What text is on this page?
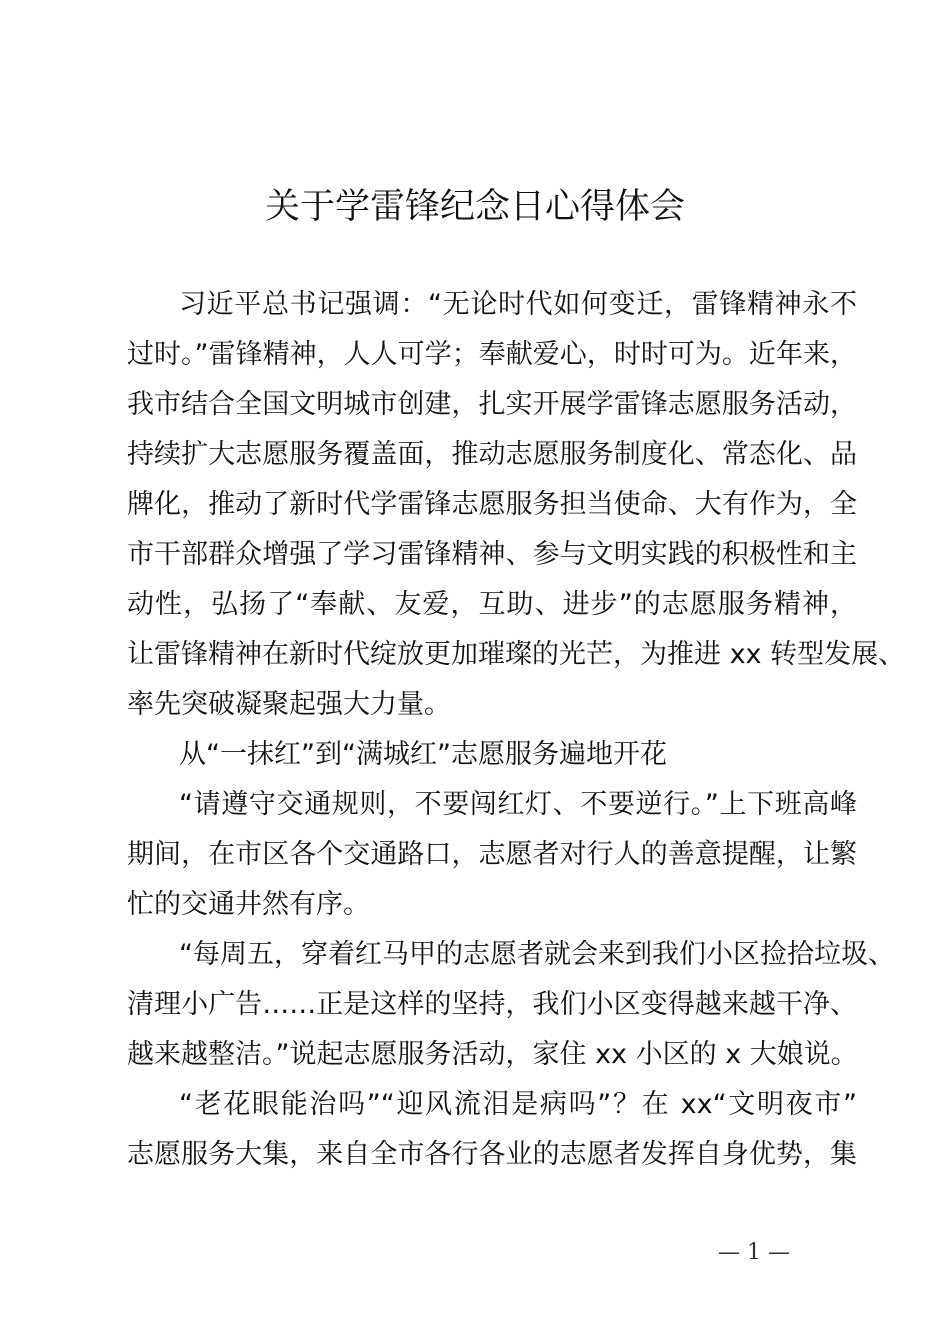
关于学雷锋纪念日心得体会
习近平总书记强调：“无论时代如何变迁，雷锋精神永不
过时。”雷锋精神，人人可学；奉献爱心，时时可为。近年来，
我市结合全国文明城市创建，扎实开展学雷锋志愿服务活动，
持续扩大志愿服务覆盖面，推动志愿服务制度化、常态化、品
牌化，推动了新时代学雷锋志愿服务担当使命、大有作为，全
市干部群众增强了学习雷锋精神、参与文明实践的积极性和主
动性，弘扬了“奉献、友爱，互助、进步”的志愿服务精神，
让雷锋精神在新时代绽放更加璀璨的光芒，为推进 xx 转型发展、
率先突破凝聚起强大力量。
从“一抹红”到“满城红”志愿服务遍地开花
“请遵守交通规则，不要闯红灯、不要逆行。”上下班高峰
期间，在市区各个交通路口，志愿者对行人的善意提醒，让繁
忙的交通井然有序。
“每周五，穿着红马甲的志愿者就会来到我们小区捡拾垃圾、
清理小广告……正是这样的坚持，我们小区变得越来越干净、
越来越整洁。”说起志愿服务活动，家住 xx 小区的 x 大娘说。
“老花眼能治吗”“迎风流泪是病吗”？在 xx“文明夜市”
志愿服务大集，来自全市各行各业的志愿者发挥自身优势，集
— 1 —
